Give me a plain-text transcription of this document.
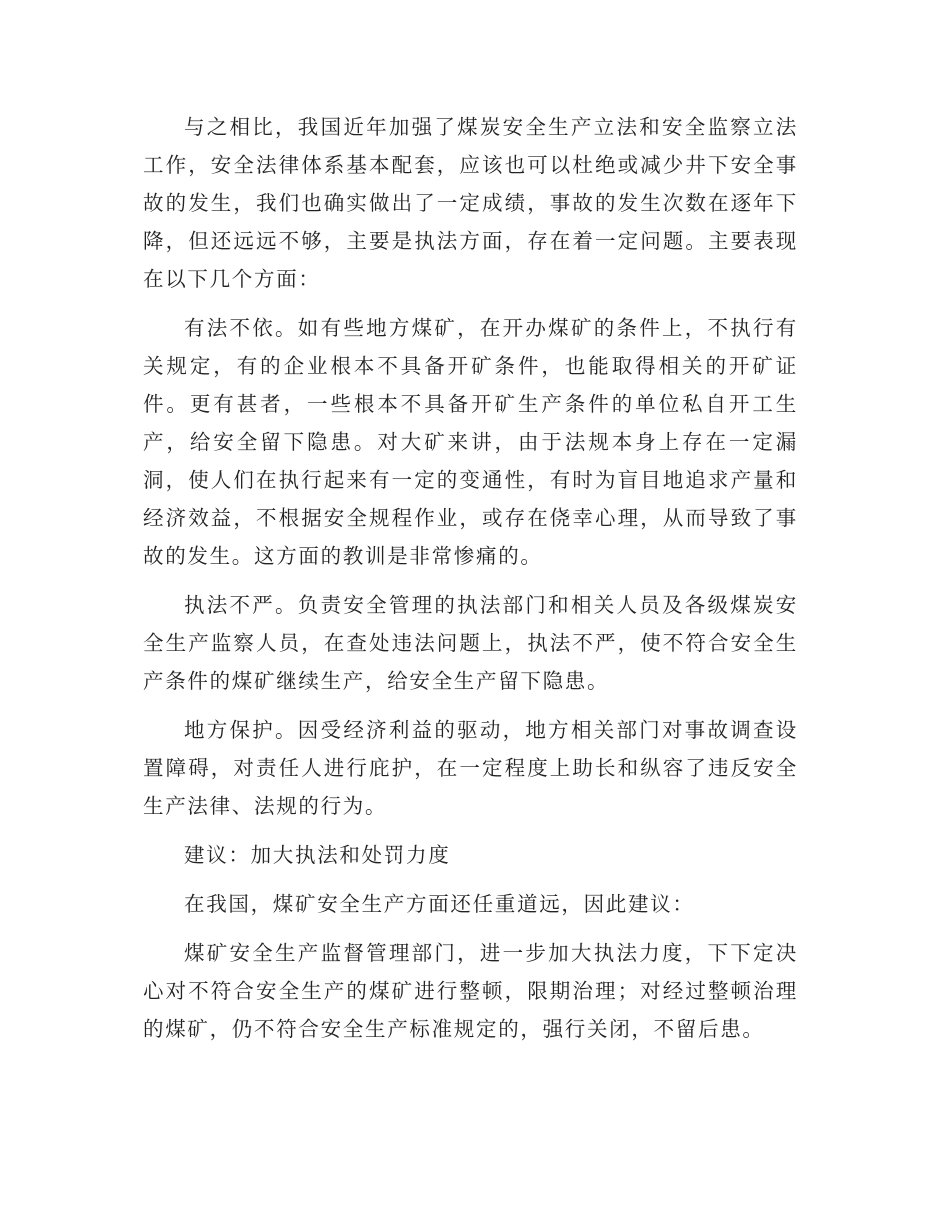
与之相比，我国近年加强了煤炭安全生产立法和安全监察立法工作，安全法律体系基本配套，应该也可以杜绝或减少井下安全事故的发生，我们也确实做出了一定成绩，事故的发生次数在逐年下降，但还远远不够，主要是执法方面，存在着一定问题。主要表现在以下几个方面：

有法不依。如有些地方煤矿，在开办煤矿的条件上，不执行有关规定，有的企业根本不具备开矿条件，也能取得相关的开矿证件。更有甚者，一些根本不具备开矿生产条件的单位私自开工生产，给安全留下隐患。对大矿来讲，由于法规本身上存在一定漏洞，使人们在执行起来有一定的变通性，有时为盲目地追求产量和经济效益，不根据安全规程作业，或存在侥幸心理，从而导致了事故的发生。这方面的教训是非常惨痛的。

执法不严。负责安全管理的执法部门和相关人员及各级煤炭安全生产监察人员，在查处违法问题上，执法不严，使不符合安全生产条件的煤矿继续生产，给安全生产留下隐患。

地方保护。因受经济利益的驱动，地方相关部门对事故调查设置障碍，对责任人进行庇护，在一定程度上助长和纵容了违反安全生产法律、法规的行为。

建议：加大执法和处罚力度

在我国，煤矿安全生产方面还任重道远，因此建议：

煤矿安全生产监督管理部门，进一步加大执法力度，下下定决心对不符合安全生产的煤矿进行整顿，限期治理；对经过整顿治理的煤矿，仍不符合安全生产标准规定的，强行关闭，不留后患。
